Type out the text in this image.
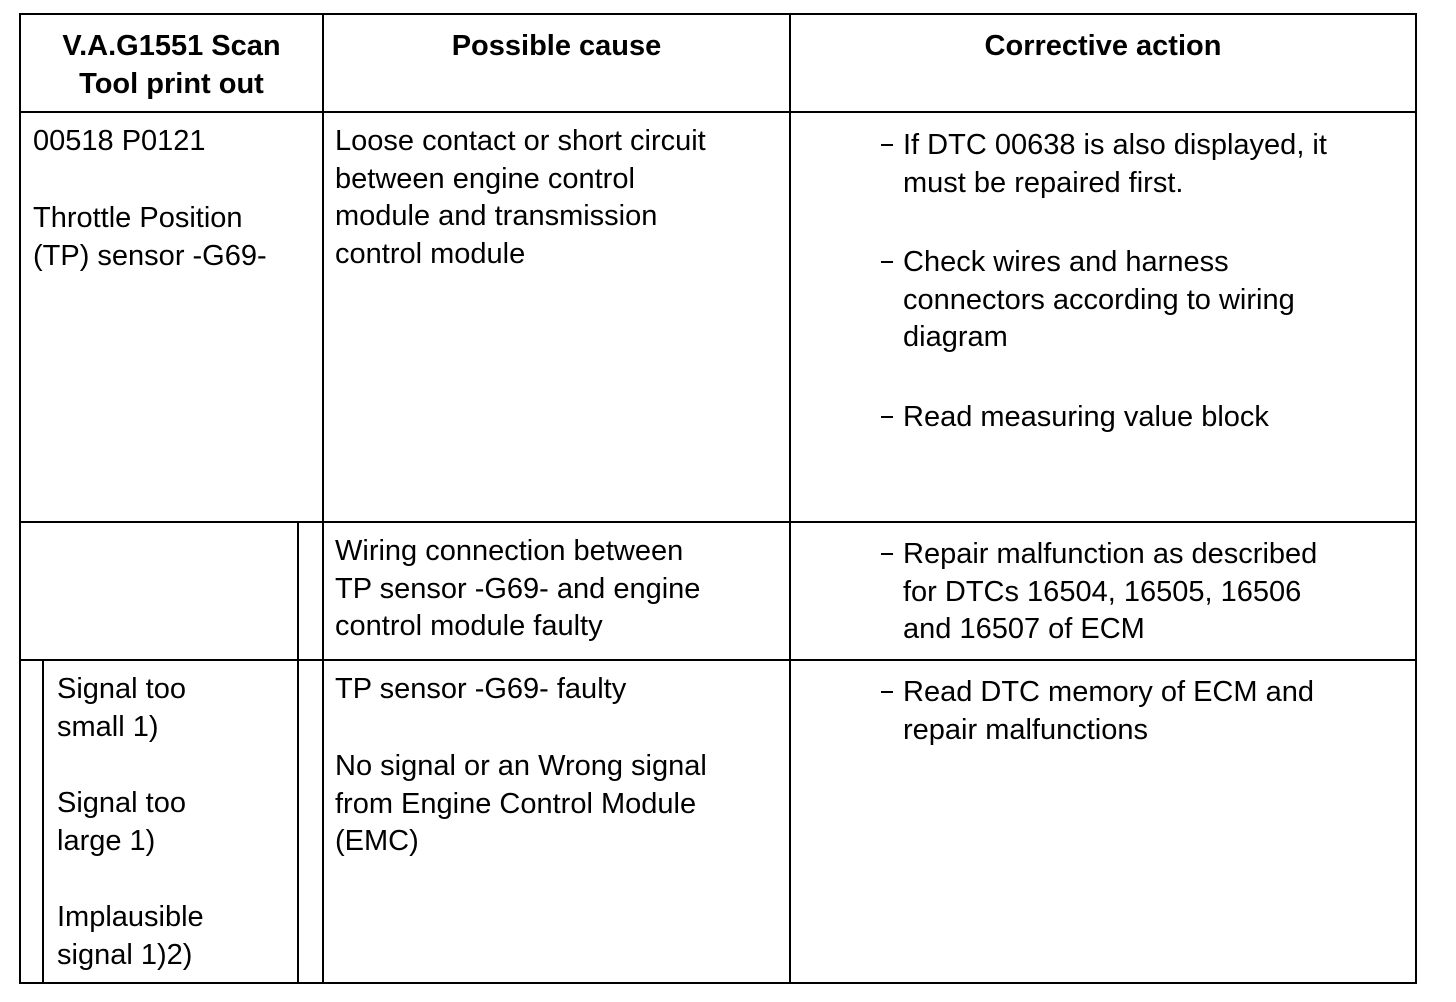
V.A.G1551 Scan
Tool print out
Possible cause	Corrective action
00518 P0121
Throttle Position
(TP) sensor -G69-
Loose contact or short circuit
between engine control
module and transmission
control module
If DTC 00638 is also displayed, it
must be repaired first.
Check wires and harness
connectors according to wiring
diagram
Read measuring value block
Wiring connection between
TP sensor -G69- and engine
control module faulty
Repair malfunction as described
for DTCs 16504, 16505, 16506
and 16507 of ECM
Signal too
small 1)
Signal too
large 1)
Implausible
signal 1)2)
TP sensor -G69- faulty
No signal or an Wrong signal
from Engine Control Module
(EMC)
Read DTC memory of ECM and
repair malfunctions
